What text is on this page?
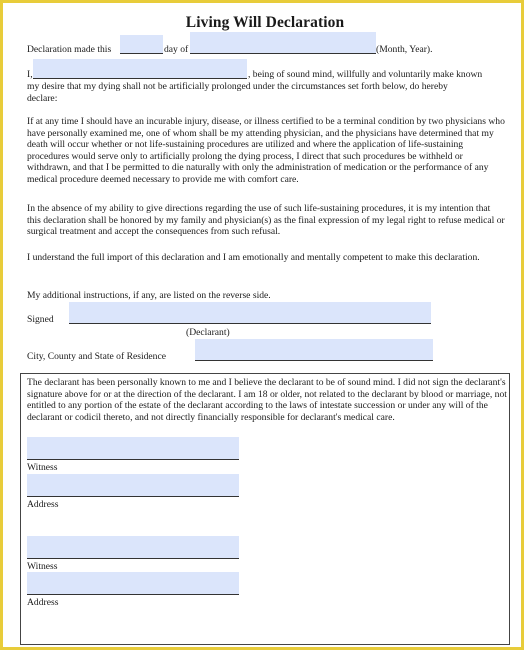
Living Will Declaration
Declaration made this	day of	(Month, Year).
I,	, being of sound mind, willfully and voluntarily make known
my desire that my dying shall not be artificially prolonged under the circumstances set forth below, do hereby
declare:
If at any time I should have an incurable injury, disease, or illness certified to be a terminal condition by two physicians who have personally examined me, one of whom shall be my attending physician, and the physicians have determined that my death will occur whether or not life-sustaining procedures are utilized and where the application of life-sustaining procedures would serve only to artificially prolong the dying process, I direct that such procedures be withheld or withdrawn, and that I be permitted to die naturally with only the administration of medication or the performance of any medical procedure deemed necessary to provide me with comfort care.
In the absence of my ability to give directions regarding the use of such life-sustaining procedures, it is my intention that this declaration shall be honored by my family and physician(s) as the final expression of my legal right to refuse medical or surgical treatment and accept the consequences from such refusal.
I understand the full import of this declaration and I am emotionally and mentally competent to make this declaration.
My additional instructions, if any, are listed on the reverse side.
Signed
(Declarant)
City, County and State of Residence
The declarant has been personally known to me and I believe the declarant to be of sound mind. I did not sign the declarant's signature above for or at the direction of the declarant. I am 18 or older, not related to the declarant by blood or marriage, not entitled to any portion of the estate of the declarant according to the laws of intestate succession or under any will of the declarant or codicil thereto, and not directly financially responsible for declarant's medical care.
Witness
Address
Witness
Address
